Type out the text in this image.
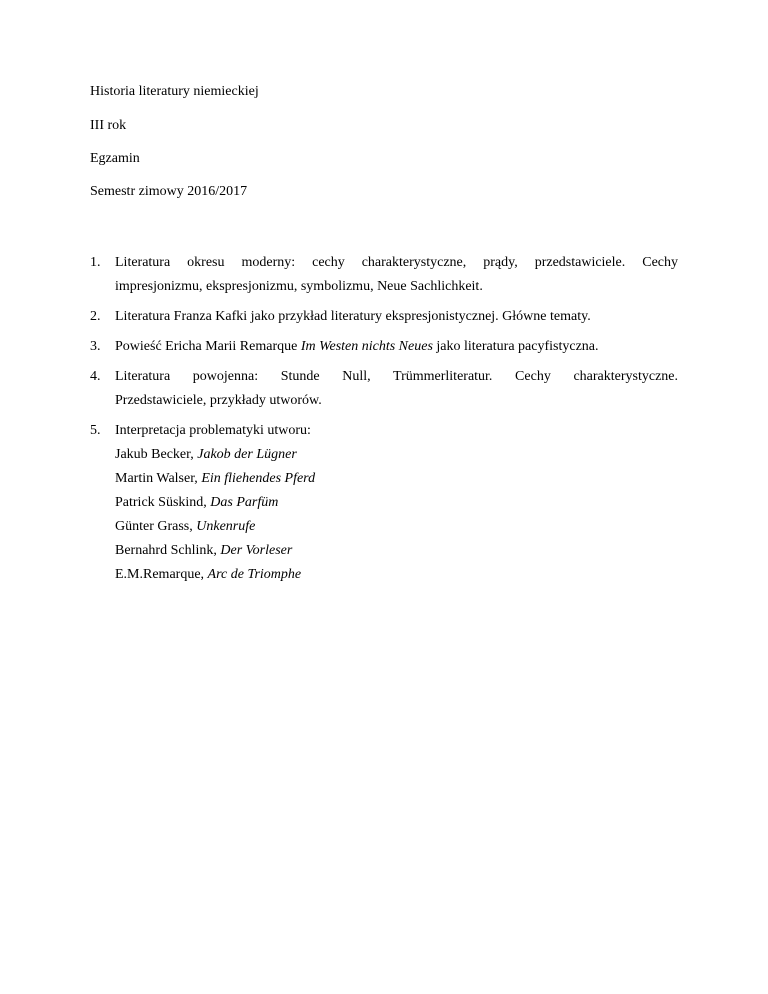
Historia literatury niemieckiej
III rok
Egzamin
Semestr zimowy 2016/2017
1.	Literatura okresu moderny: cechy charakterystyczne, prądy, przedstawiciele. Cechy
impresjonizmu, ekspresjonizmu, symbolizmu, Neue Sachlichkeit.
2.	Literatura Franza Kafki jako przykład literatury ekspresjonistycznej. Główne tematy.
3.	Powieść Ericha Marii Remarque Im Westen nichts Neues jako literatura pacyfistyczna.
4.	Literatura powojenna: Stunde Null, Trümmerliteratur. Cechy charakterystyczne.
Przedstawiciele, przykłady utworów.
5.	Interpretacja problematyki utworu:
Jakub Becker, Jakob der Lügner
Martin Walser, Ein fliehendes Pferd
Patrick Süskind, Das Parfüm
Günter Grass, Unkenrufe
Bernahrd Schlink, Der Vorleser
E.M.Remarque, Arc de Triomphe
